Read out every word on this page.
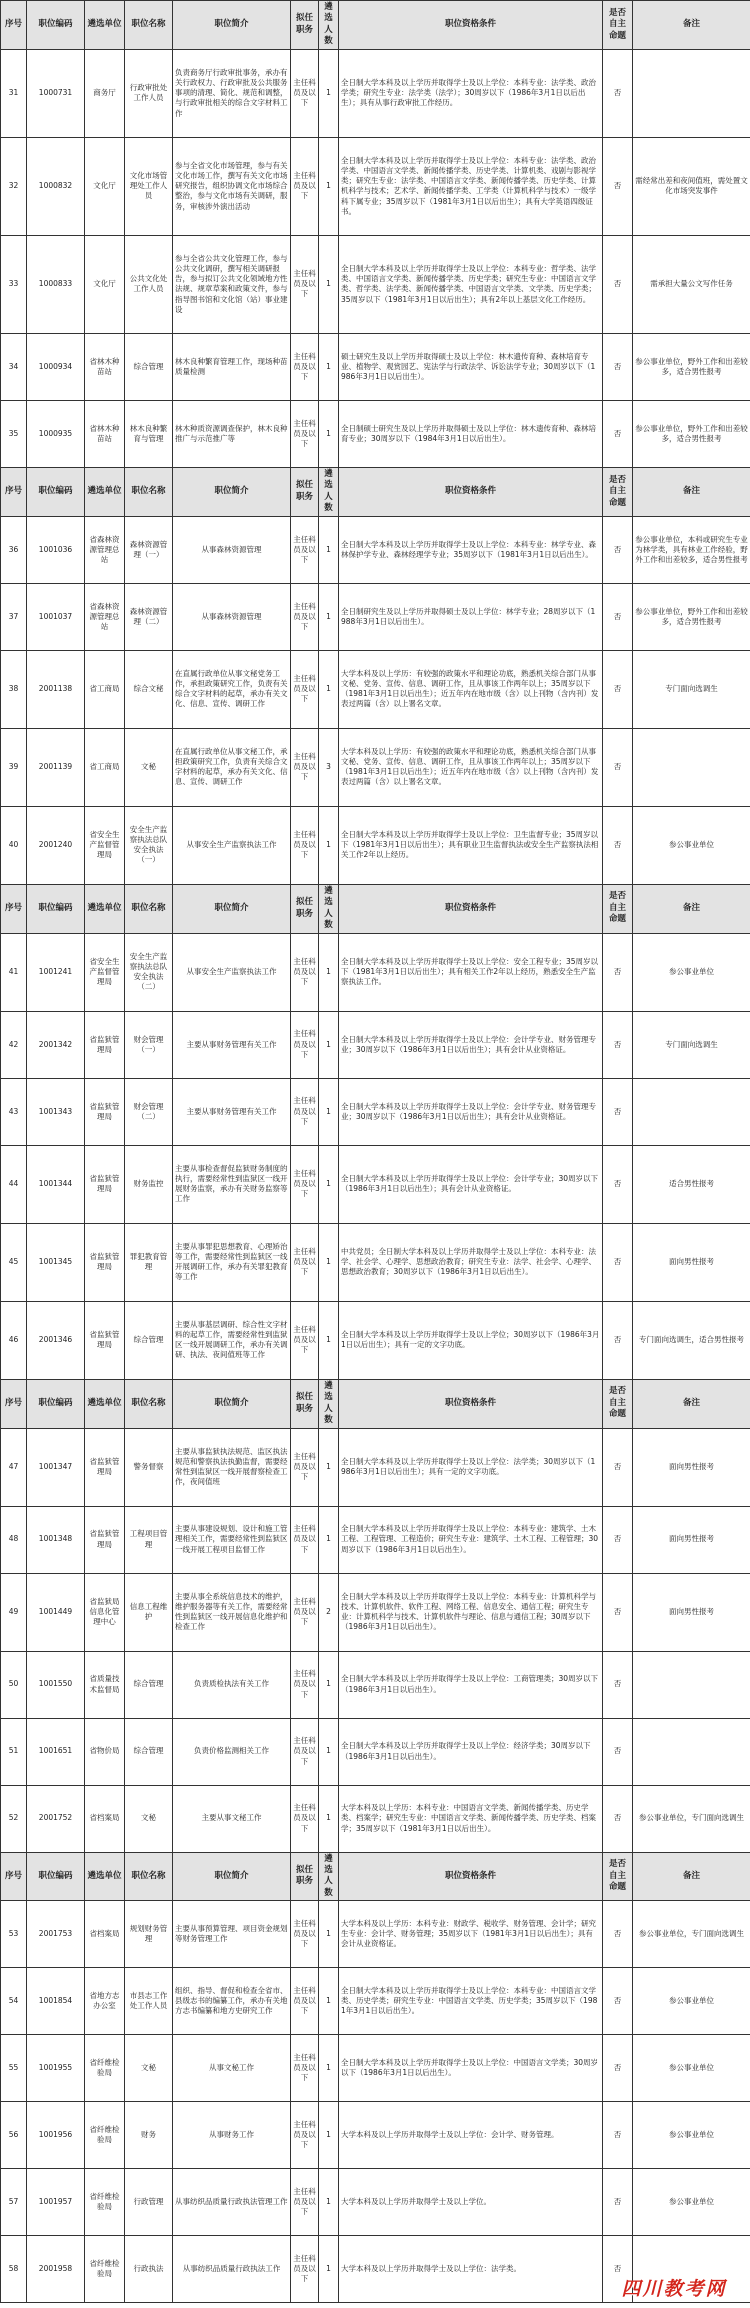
序号	职位编码	遴选单位	职位名称	职位简介	拟任职务	遴选人数	职位资格条件	是否自主命题	备注
31	1000731	商务厅	行政审批处工作人员	负责商务厅行政审批事务，承办有关行政权力、行政审批及公共服务事项的清理、简化、规范和调整，与行政审批相关的综合文字材料工作	主任科员及以下	1	全日制大学本科及以上学历并取得学士及以上学位：本科专业：法学类、政治学类；研究生专业：法学类（法学）；30周岁以下（1986年3月1日以后出生）；具有从事行政审批工作经历。	否	
32	1000832	文化厅	文化市场管理处工作人员	参与全省文化市场管理，参与有关文化市场工作，撰写有关文化市场研究报告，组织协调文化市场综合整治，参与文化市场有关调研，服务，审核涉外演出活动	主任科员及以下	1	全日制大学本科及以上学历并取得学士及以上学位：本科专业：法学类、政治学类、中国语言文学类、新闻传播学类、历史学类、计算机类、戏剧与影视学类；研究生专业：法学类、中国语言文学类、新闻传播学类、历史学类、计算机科学与技术；艺术学、新闻传播学类、工学类（计算机科学与技术）一级学科下属专业；35周岁以下（1981年3月1日以后出生）；具有大学英语四级证书。	否	需经常出差和夜间值班，需处置文化市场突发事件
33	1000833	文化厅	公共文化处工作人员	参与全省公共文化管理工作，参与公共文化调研，撰写相关调研报告，参与拟订公共文化领域地方性法规、规章草案和政策文件，参与指导图书馆和文化馆（站）事业建设	主任科员及以下	1	全日制大学本科及以上学历并取得学士及以上学位：本科专业：哲学类、法学类、中国语言文学类、新闻传播学类、历史学类；研究生专业：中国语言文学类、哲学类、法学类、新闻传播学类、中国语言文学类、文学类、历史学类；35周岁以下（1981年3月1日以后出生）；具有2年以上基层文化工作经历。	否	需承担大量公文写作任务
34	1000934	省林木种苗站	综合管理	林木良种繁育管理工作，现场种苗质量检测	主任科员及以下	1	硕士研究生及以上学历并取得硕士及以上学位：林木遗传育种、森林培育专业、植物学、观赏园艺、宪法学与行政法学、诉讼法学专业；30周岁以下（1986年3月1日以后出生）。	否	参公事业单位，野外工作和出差较多，适合男性报考
35	1000935	省林木种苗站	林木良种繁育与管理	林木种质资源调查保护，林木良种推广与示范推广等	主任科员及以下	1	全日制硕士研究生及以上学历并取得硕士及以上学位：林木遗传育种、森林培育专业；30周岁以下（1984年3月1日以后出生）。	否	参公事业单位，野外工作和出差较多，适合男性报考
序号	职位编码	遴选单位	职位名称	职位简介	拟任职务	遴选人数	职位资格条件	是否自主命题	备注
36	1001036	省森林资源管理总站	森林资源管理（一）	从事森林资源管理	主任科员及以下	1	全日制大学本科及以上学历并取得学士及以上学位：本科专业：林学专业、森林保护学专业、森林经理学专业；35周岁以下（1981年3月1日以后出生）。	否	参公事业单位，本科或研究生专业为林学类，具有林业工作经验，野外工作和出差较多，适合男性报考
37	1001037	省森林资源管理总站	森林资源管理（二）	从事森林资源管理	主任科员及以下	1	全日制研究生及以上学历并取得硕士及以上学位：林学专业；28周岁以下（1988年3月1日以后出生）。	否	参公事业单位，野外工作和出差较多，适合男性报考
38	2001138	省工商局	综合文秘	在直属行政单位从事文秘党务工作，承担政策研究工作，负责有关综合文字材料的起草，承办有关文化、信息、宣传、调研工作	主任科员及以下	1	大学本科及以上学历：有较强的政策水平和理论功底，熟悉机关综合部门从事文秘、党务、宣传、信息、调研工作，且从事该工作两年以上；35周岁以下（1981年3月1日以后出生）；近五年内在地市级（含）以上刊物（含内刊）发表过两篇（含）以上署名文章。	否	专门面向选调生
39	2001139	省工商局	文秘	在直属行政单位从事文秘工作，承担政策研究工作，负责有关综合文字材料的起草，承办有关文化、信息、宣传、调研工作	主任科员及以下	3	大学本科及以上学历：有较强的政策水平和理论功底，熟悉机关综合部门从事文秘、党务、宣传、信息、调研工作，且从事该工作两年以上；35周岁以下（1981年3月1日以后出生）；近五年内在地市级（含）以上刊物（含内刊）发表过两篇（含）以上署名文章。	否	
40	2001240	省安全生产监督管理局	安全生产监察执法总队安全执法（一）	从事安全生产监察执法工作	主任科员及以下	1	全日制大学本科及以上学历并取得学士及以上学位：卫生监督专业；35周岁以下（1981年3月1日以后出生）；具有职业卫生监督执法或安全生产监察执法相关工作2年以上经历。	否	参公事业单位
序号	职位编码	遴选单位	职位名称	职位简介	拟任职务	遴选人数	职位资格条件	是否自主命题	备注
41	1001241	省安全生产监督管理局	安全生产监察执法总队安全执法（二）	从事安全生产监察执法工作	主任科员及以下	1	全日制大学本科及以上学历并取得学士及以上学位：安全工程专业；35周岁以下（1981年3月1日以后出生）；具有相关工作2年以上经历，熟悉安全生产监察执法工作。	否	参公事业单位
42	2001342	省监狱管理局	财会管理（一）	主要从事财务管理有关工作	主任科员及以下	1	全日制大学本科及以上学历并取得学士及以上学位：会计学专业、财务管理专业；30周岁以下（1986年3月1日以后出生）；具有会计从业资格证。	否	专门面向选调生
43	1001343	省监狱管理局	财会管理（二）	主要从事财务管理有关工作	主任科员及以下	1	全日制大学本科及以上学历并取得学士及以上学位：会计学专业、财务管理专业；30周岁以下（1986年3月1日以后出生）；具有会计从业资格证。	否	
44	1001344	省监狱管理局	财务监控	主要从事检查督促监狱财务制度的执行，需要经常性到监狱区一线开展财务监察，承办有关财务监察等工作	主任科员及以下	1	全日制大学本科及以上学历并取得学士及以上学位：会计学专业；30周岁以下（1986年3月1日以后出生）；具有会计从业资格证。	否	适合男性报考
45	1001345	省监狱管理局	罪犯教育管理	主要从事罪犯思想教育、心理矫治等工作，需要经常性到监狱区一线开展调研工作，承办有关罪犯教育等工作	主任科员及以下	1	中共党员；全日制大学本科及以上学历并取得学士及以上学位：本科专业：法学、社会学、心理学、思想政治教育；研究生专业：法学、社会学、心理学、思想政治教育；30周岁以下（1986年3月1日以后出生）。	否	面向男性报考
46	2001346	省监狱管理局	综合管理	主要从事基层调研、综合性文字材料的起草工作，需要经常性到监狱区一线开展调研工作，承办有关调研、执法、夜间值班等工作	主任科员及以下	1	全日制大学本科及以上学历并取得学士及以上学位；30周岁以下（1986年3月1日以后出生）；具有一定的文字功底。	否	专门面向选调生，适合男性报考
序号	职位编码	遴选单位	职位名称	职位简介	拟任职务	遴选人数	职位资格条件	是否自主命题	备注
47	1001347	省监狱管理局	警务督察	主要从事监狱执法规范、监区执法规范和警察执法执勤监督，需要经常性到监狱区一线开展督察检查工作，夜间值班	主任科员及以下	1	全日制大学本科及以上学历并取得学士及以上学位：法学类；30周岁以下（1986年3月1日以后出生）；具有一定的文字功底。	否	面向男性报考
48	1001348	省监狱管理局	工程项目管理	主要从事建设规划、设计和施工管理相关工作，需要经常性到监狱区一线开展工程项目监督工作	主任科员及以下	1	全日制大学本科及以上学历并取得学士及以上学位：本科专业：建筑学、土木工程、工程管理、工程造价；研究生专业：建筑学、土木工程、工程管理；30周岁以下（1986年3月1日以后出生）。	否	面向男性报考
49	1001449	省监狱局信息化管理中心	信息工程维护	主要从事全系统信息技术的维护，维护服务器等有关工作，需要经常性到监狱区一线开展信息化维护和检查工作	主任科员及以下	2	全日制大学本科及以上学历并取得学士及以上学位：本科专业：计算机科学与技术、计算机软件、软件工程、网络工程、信息安全、通信工程；研究生专业：计算机科学与技术、计算机软件与理论、信息与通信工程；30周岁以下（1986年3月1日以后出生）。	否	面向男性报考
50	1001550	省质量技术监督局	综合管理	负责质检执法有关工作	主任科员及以下	1	全日制大学本科及以上学历并取得学士及以上学位：工商管理类；30周岁以下（1986年3月1日以后出生）。	否	
51	1001651	省物价局	综合管理	负责价格监测相关工作	主任科员及以下	1	全日制大学本科及以上学历并取得学士及以上学位：经济学类；30周岁以下（1986年3月1日以后出生）。	否	
52	2001752	省档案局	文秘	主要从事文秘工作	主任科员及以下	1	大学本科及以上学历：本科专业：中国语言文学类、新闻传播学类、历史学类、档案学；研究生专业：中国语言文学类、新闻传播学类、历史学类、档案学；35周岁以下（1981年3月1日以后出生）。	否	参公事业单位，专门面向选调生
序号	职位编码	遴选单位	职位名称	职位简介	拟任职务	遴选人数	职位资格条件	是否自主命题	备注
53	2001753	省档案局	规划财务管理	主要从事预算管理、项目资金规划等财务管理工作	主任科员及以下	1	大学本科及以上学历：本科专业：财政学、税收学、财务管理、会计学；研究生专业：会计学、财务管理；35周岁以下（1981年3月1日以后出生）；具有会计从业资格证。	否	参公事业单位，专门面向选调生
54	1001854	省地方志办公室	市县志工作处工作人员	组织、指导、督促和检查全省市、县级志书的编纂工作，承办有关地方志书编纂和地方史研究工作	主任科员及以下	1	全日制大学本科及以上学历并取得学士及以上学位：本科专业：中国语言文学类、历史学类；研究生专业：中国语言文学类、历史学类；35周岁以下（1981年3月1日以后出生）。	否	参公事业单位
55	1001955	省纤维检验局	文秘	从事文秘工作	主任科员及以下	1	全日制大学本科及以上学历并取得学士及以上学位：中国语言文学类；30周岁以下（1986年3月1日以后出生）。	否	参公事业单位
56	1001956	省纤维检验局	财务	从事财务工作	主任科员及以下	1	大学本科及以上学历并取得学士及以上学位：会计学、财务管理。	否	参公事业单位
57	1001957	省纤维检验局	行政管理	从事纺织品质量行政执法管理工作	主任科员及以下	1	大学本科及以上学历并取得学士及以上学位。	否	参公事业单位
58	2001958	省纤维检验局	行政执法	从事纺织品质量行政执法工作	主任科员及以下	1	大学本科及以上学历并取得学士及以上学位：法学类。	否	
四川教考网
